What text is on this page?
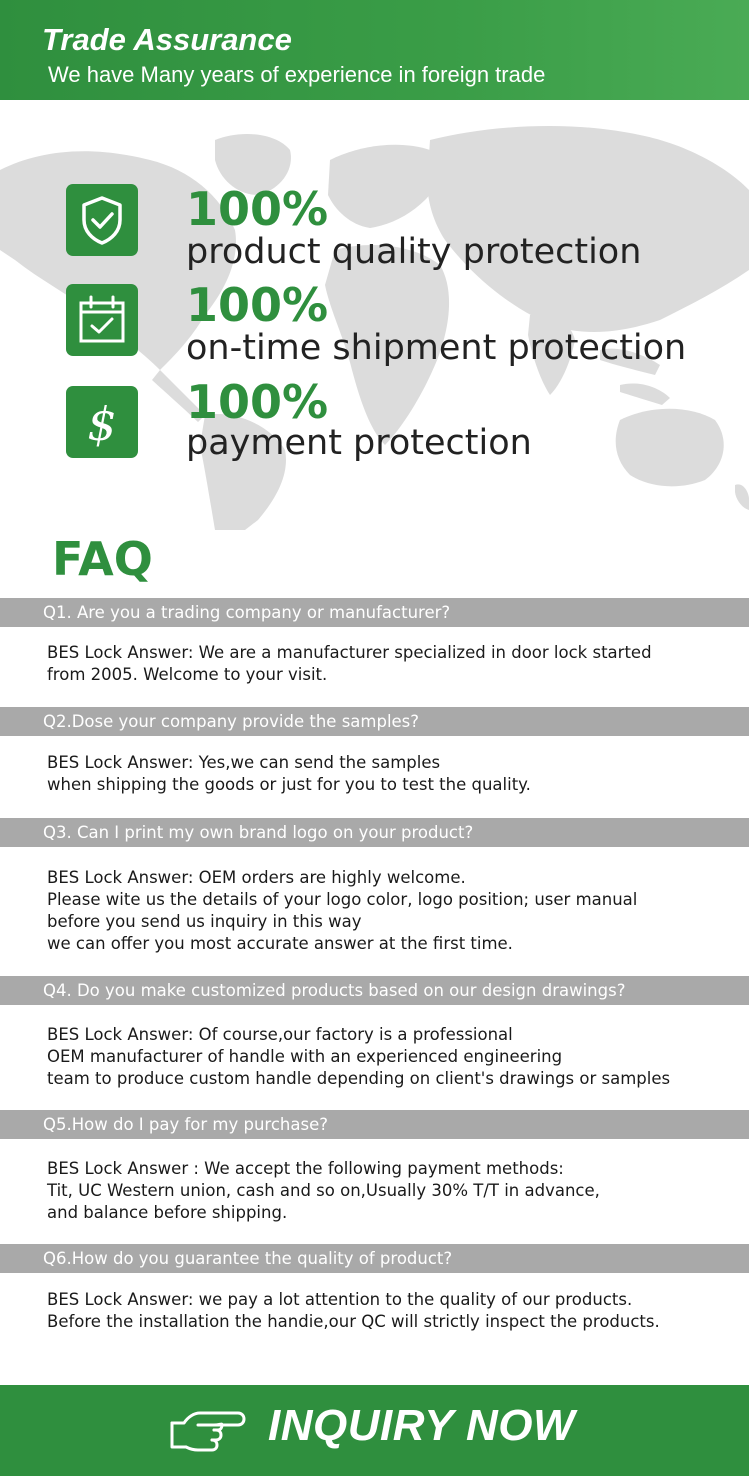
Trade Assurance
We have Many years of experience in foreign trade
100%
product quality protection
100%
on-time shipment protection
$ 100%
payment protection
FAQ
Q1. Are you a trading company or manufacturer?
BES Lock Answer: We are a manufacturer specialized in door lock started
from 2005. Welcome to your visit.
Q2.Dose your company provide the samples?
BES Lock Answer: Yes,we can send the samples
when shipping the goods or just for you to test the quality.
Q3. Can I print my own brand logo on your product?
BES Lock Answer: OEM orders are highly welcome.
Please wite us the details of your logo color, logo position; user manual
before you send us inquiry in this way
we can offer you most accurate answer at the first time.
Q4. Do you make customized products based on our design drawings?
BES Lock Answer: Of course,our factory is a professional
OEM manufacturer of handle with an experienced engineering
team to produce custom handle depending on client's drawings or samples
Q5.How do I pay for my purchase?
BES Lock Answer : We accept the following payment methods:
Tit, UC Western union, cash and so on,Usually 30% T/T in advance,
and balance before shipping.
Q6.How do you guarantee the quality of product?
BES Lock Answer: we pay a lot attention to the quality of our products.
Before the installation the handie,our QC will strictly inspect the products.
INQUIRY NOW
